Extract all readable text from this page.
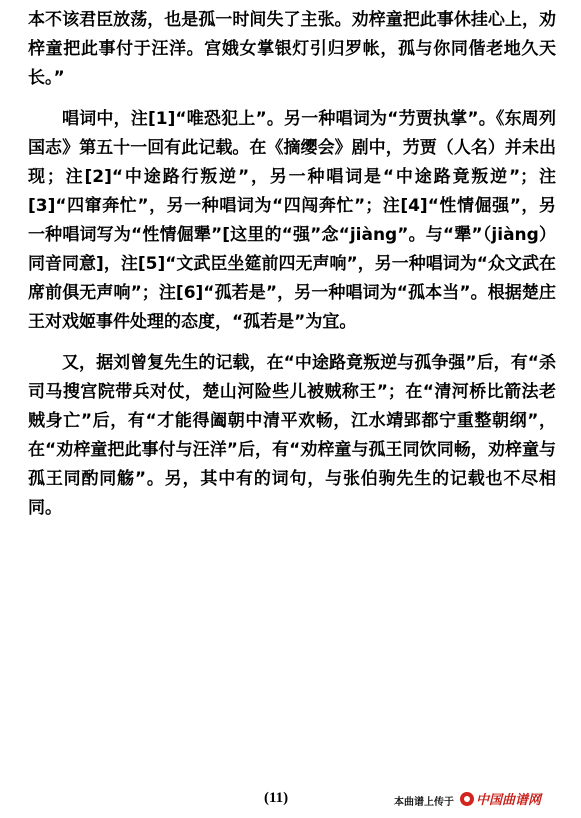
本不该君臣放荡，也是孤一时间失了主张。劝梓童把此事休挂心上，劝梓童把此事付于汪洋。宫娥女掌银灯引归罗帐，孤与你同偕老地久天长。”

唱词中，注[1]“唯恐犯上”。另一种唱词为“芀贾执掌”。《东周列国志》第五十一回有此记载。在《摘缨会》剧中，芀贾（人名）并未出现；注[2]“中途路行叛逆”，另一种唱词是“中途路竟叛逆”；注[3]“四窜奔忙”，另一种唱词为“四闯奔忙”；注[4]“性情倔强”，另一种唱词写为“性情倔犟”[这里的“强”念“jiàng”。与“犟”（jiàng）同音同意]，注[5]“文武臣坐筵前四无声响”，另一种唱词为“众文武在席前俱无声响”；注[6]“孤若是”，另一种唱词为“孤本当”。根据楚庄王对戏姬事件处理的态度，“孤若是”为宜。

又，据刘曾复先生的记载，在“中途路竟叛逆与孤争强”后，有“杀司马搜宫院带兵对仗，楚山河险些儿被贼称王”；在“清河桥比箭法老贼身亡”后，有“才能得阖朝中清平欢畅，江水靖郢都宁重整朝纲”，在“劝梓童把此事付与汪洋”后，有“劝梓童与孤王同饮同畅，劝梓童与孤王同酌同觞”。另，其中有的词句，与张伯驹先生的记载也不尽相同。

(11)	本曲谱上传于 中国曲谱网
